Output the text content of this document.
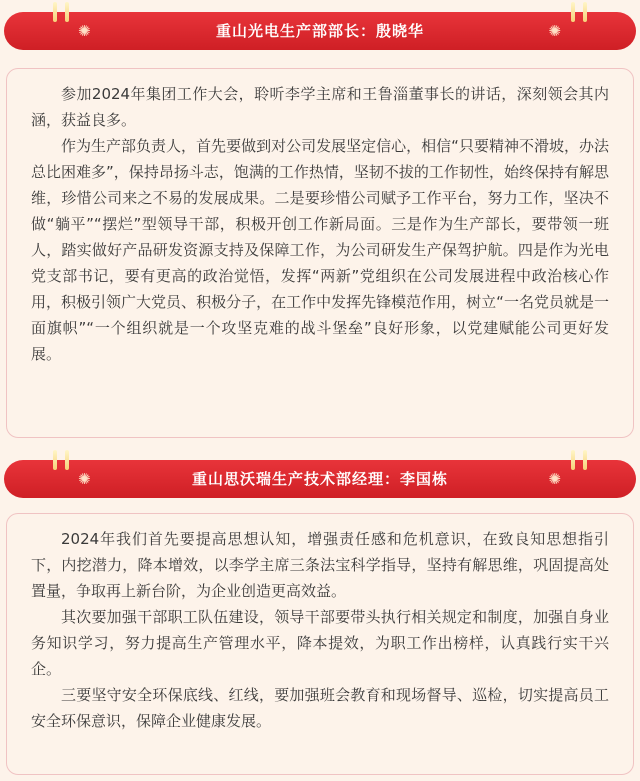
✺	重山光电生产部部长：殷晓华	✺

参加2024年集团工作大会，聆听李学主席和王鲁淄董事长的讲话，深刻领会其内涵，获益良多。

作为生产部负责人，首先要做到对公司发展坚定信心，相信“只要精神不滑坡，办法总比困难多”，保持昂扬斗志，饱满的工作热情，坚韧不拔的工作韧性，始终保持有解思维，珍惜公司来之不易的发展成果。二是要珍惜公司赋予工作平台，努力工作，坚决不做“躺平”“摆烂”型领导干部，积极开创工作新局面。三是作为生产部长，要带领一班人，踏实做好产品研发资源支持及保障工作，为公司研发生产保驾护航。四是作为光电党支部书记，要有更高的政治觉悟，发挥“两新”党组织在公司发展进程中政治核心作用，积极引领广大党员、积极分子，在工作中发挥先锋模范作用，树立“一名党员就是一面旗帜”“一个组织就是一个攻坚克难的战斗堡垒”良好形象，以党建赋能公司更好发展。

✺	重山思沃瑞生产技术部经理：李国栋	✺

2024年我们首先要提高思想认知，增强责任感和危机意识，在致良知思想指引下，内挖潜力，降本增效，以李学主席三条法宝科学指导，坚持有解思维，巩固提高处置量，争取再上新台阶，为企业创造更高效益。

其次要加强干部职工队伍建设，领导干部要带头执行相关规定和制度，加强自身业务知识学习，努力提高生产管理水平，降本提效，为职工作出榜样，认真践行实干兴企。

三要坚守安全环保底线、红线，要加强班会教育和现场督导、巡检，切实提高员工安全环保意识，保障企业健康发展。
